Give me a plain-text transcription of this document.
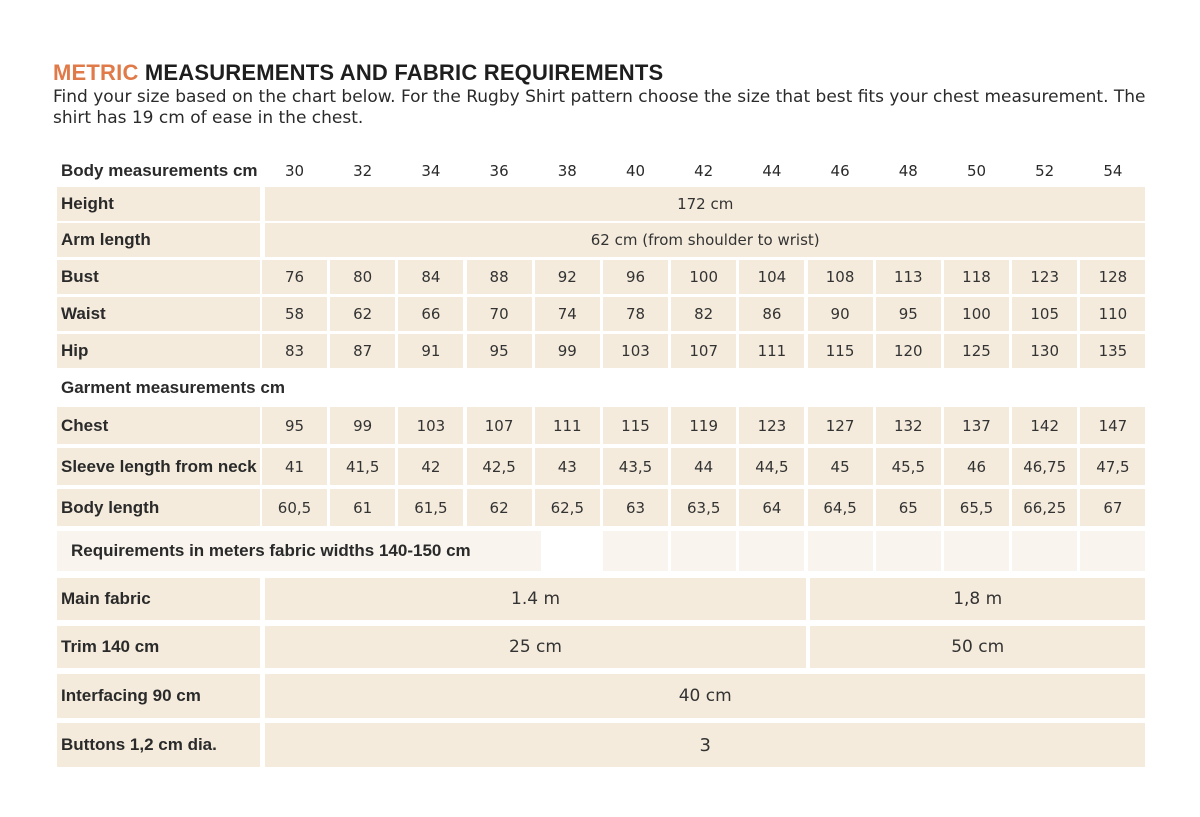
METRIC MEASUREMENTS AND FABRIC REQUIREMENTS
Find your size based on the chart below. For the Rugby Shirt pattern choose the size that best fits your chest measurement. The shirt has 19 cm of ease in the chest.
Body measurements cm	30	32	34	36	38	40	42	44	46	48	50	52	54
Height	172 cm
Arm length	62 cm (from shoulder to wrist)
Bust	76	80	84	88	92	96	100	104	108	113	118	123	128
Waist	58	62	66	70	74	78	82	86	90	95	100	105	110
Hip	83	87	91	95	99	103	107	111	115	120	125	130	135
Garment measurements cm
Chest	95	99	103	107	111	115	119	123	127	132	137	142	147
Sleeve length from neck	41	41,5	42	42,5	43	43,5	44	44,5	45	45,5	46	46,75	47,5
Body length	60,5	61	61,5	62	62,5	63	63,5	64	64,5	65	65,5	66,25	67
Requirements in meters fabric widths 140-150 cm
Main fabric	1.4 m	1,8 m
Trim 140 cm	25 cm	50 cm
Interfacing 90 cm	40 cm
Buttons 1,2 cm dia.	3
